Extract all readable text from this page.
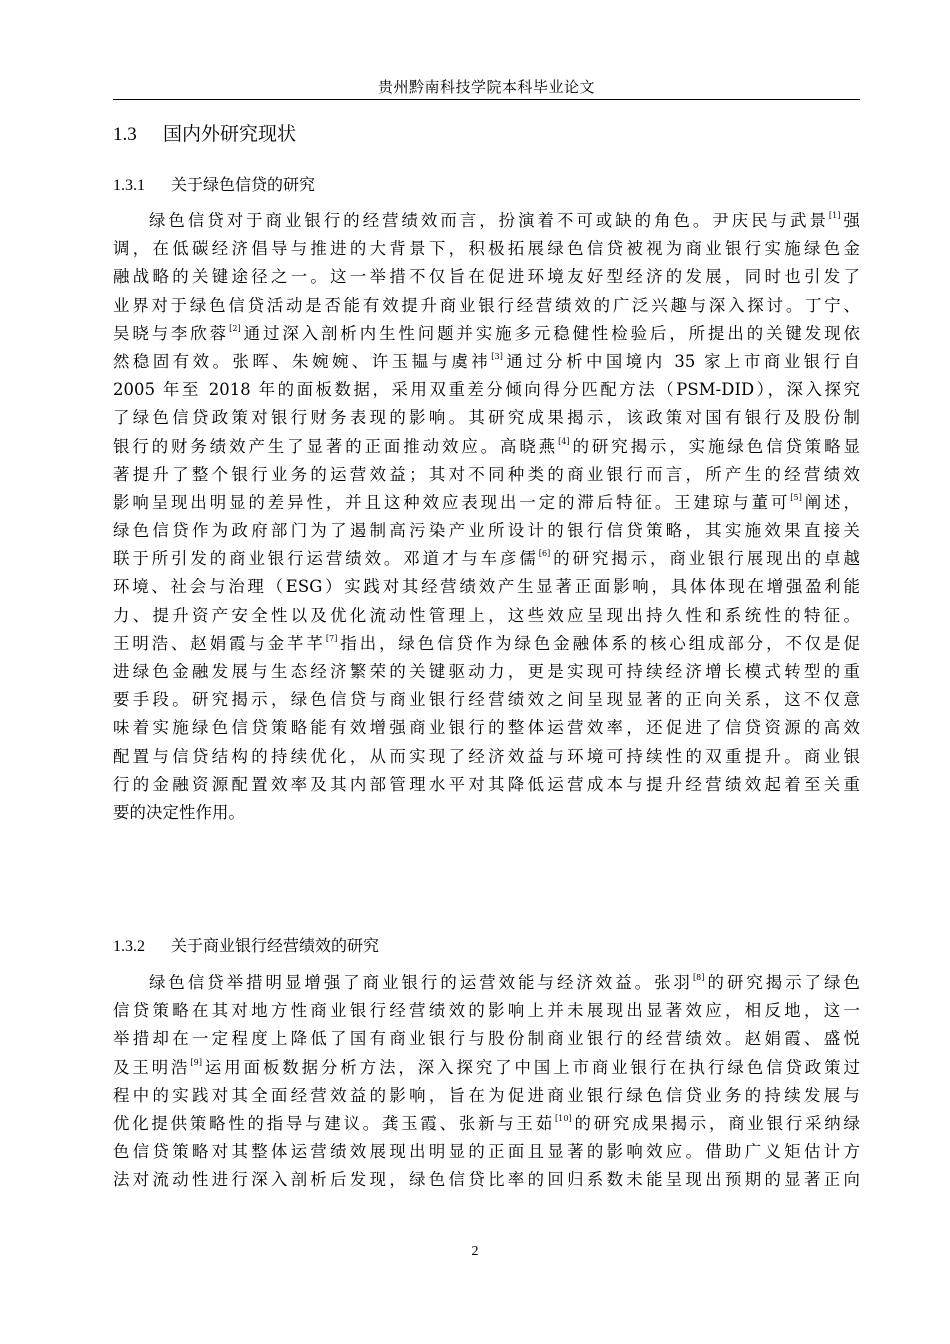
贵州黔南科技学院本科毕业论文
1.3 国内外研究现状
1.3.1 关于绿色信贷的研究
绿色信贷对于商业银行的经营绩效而言，扮演着不可或缺的角色。尹庆民与武景[1]强
调，在低碳经济倡导与推进的大背景下，积极拓展绿色信贷被视为商业银行实施绿色金
融战略的关键途径之一。这一举措不仅旨在促进环境友好型经济的发展，同时也引发了
业界对于绿色信贷活动是否能有效提升商业银行经营绩效的广泛兴趣与深入探讨。丁宁、
吴晓与李欣蓉[2]通过深入剖析内生性问题并实施多元稳健性检验后，所提出的关键发现依
然稳固有效。张晖、朱婉婉、许玉韫与虞祎[3]通过分析中国境内 35 家上市商业银行自
2005 年至 2018 年的面板数据，采用双重差分倾向得分匹配方法（PSM-DID），深入探究
了绿色信贷政策对银行财务表现的影响。其研究成果揭示，该政策对国有银行及股份制
银行的财务绩效产生了显著的正面推动效应。高晓燕[4]的研究揭示，实施绿色信贷策略显
著提升了整个银行业务的运营效益；其对不同种类的商业银行而言，所产生的经营绩效
影响呈现出明显的差异性，并且这种效应表现出一定的滞后特征。王建琼与董可[5]阐述，
绿色信贷作为政府部门为了遏制高污染产业所设计的银行信贷策略，其实施效果直接关
联于所引发的商业银行运营绩效。邓道才与车彦儒[6]的研究揭示，商业银行展现出的卓越
环境、社会与治理（ESG）实践对其经营绩效产生显著正面影响，具体体现在增强盈利能
力、提升资产安全性以及优化流动性管理上，这些效应呈现出持久性和系统性的特征。
王明浩、赵娟霞与金芊芊[7]指出，绿色信贷作为绿色金融体系的核心组成部分，不仅是促
进绿色金融发展与生态经济繁荣的关键驱动力，更是实现可持续经济增长模式转型的重
要手段。研究揭示，绿色信贷与商业银行经营绩效之间呈现显著的正向关系，这不仅意
味着实施绿色信贷策略能有效增强商业银行的整体运营效率，还促进了信贷资源的高效
配置与信贷结构的持续优化，从而实现了经济效益与环境可持续性的双重提升。商业银
行的金融资源配置效率及其内部管理水平对其降低运营成本与提升经营绩效起着至关重
要的决定性作用。
1.3.2 关于商业银行经营绩效的研究
绿色信贷举措明显增强了商业银行的运营效能与经济效益。张羽[8]的研究揭示了绿色
信贷策略在其对地方性商业银行经营绩效的影响上并未展现出显著效应，相反地，这一
举措却在一定程度上降低了国有商业银行与股份制商业银行的经营绩效。赵娟霞、盛悦
及王明浩[9]运用面板数据分析方法，深入探究了中国上市商业银行在执行绿色信贷政策过
程中的实践对其全面经营效益的影响，旨在为促进商业银行绿色信贷业务的持续发展与
优化提供策略性的指导与建议。龚玉霞、张新与王茹[10]的研究成果揭示，商业银行采纳绿
色信贷策略对其整体运营绩效展现出明显的正面且显著的影响效应。借助广义矩估计方
法对流动性进行深入剖析后发现，绿色信贷比率的回归系数未能呈现出预期的显著正向
2
